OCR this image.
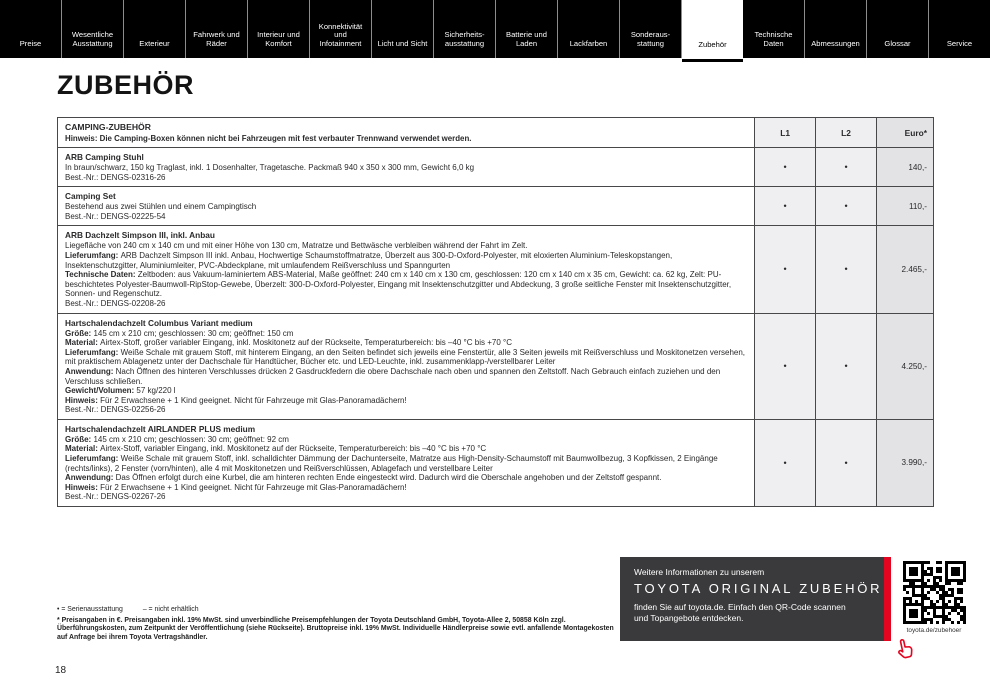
Preise
Wesentliche Ausstattung	Exterieur
Fahrwerk und Räder
Interieur und Komfort
Konnektivität und Infotainment	Licht und Sicht
Sicherheits-ausstattung
Batterie und Laden	Lackfarben
Sonderaus-stattung	Zubehör
Technische Daten	Abmessungen	Glossar	Service
ZUBEHÖR
CAMPING-ZUBEHÖR
Hinweis: Die Camping-Boxen können nicht bei Fahrzeugen mit fest verbauter Trennwand verwendet werden.	L1	L2	Euro*

ARB Camping Stuhl
In braun/schwarz, 150 kg Traglast, inkl. 1 Dosenhalter, Tragetasche. Packmaß 940 x 350 x 300 mm, Gewicht 6,0 kg
Best.-Nr.: DENGS-02316-26	•	•	140,-

Camping Set
Bestehend aus zwei Stühlen und einem Campingtisch
Best.-Nr.: DENGS-02225-54	•	•	110,-

ARB Dachzelt Simpson III, inkl. Anbau
Liegefläche von 240 cm x 140 cm und mit einer Höhe von 130 cm, Matratze und Bettwäsche verbleiben während der Fahrt im Zelt.
Lieferumfang: ARB Dachzelt Simpson III inkl. Anbau, Hochwertige Schaumstoffmatratze, Überzelt aus 300-D-Oxford-Polyester, mit eloxierten Aluminium-Teleskopstangen, Insektenschutzgitter, Aluminiumleiter, PVC-Abdeckplane, mit umlaufendem Reißverschluss und Spanngurten
Technische Daten: Zeltboden: aus Vakuum-laminiertem ABS-Material, Maße geöffnet: 240 cm x 140 cm x 130 cm, geschlossen: 120 cm x 140 cm x 35 cm, Gewicht: ca. 62 kg, Zelt: PU-beschichtetes Polyester-Baumwoll-RipStop-Gewebe, Überzelt: 300-D-Oxford-Polyester, Eingang mit Insektenschutzgitter und Abdeckung, 3 große seitliche Fenster mit Insektenschutzgitter, Sonnen- und Regenschutz.
Best.-Nr.: DENGS-02208-26	•	•	2.465,-

Hartschalendachzelt Columbus Variant medium
Größe: 145 cm x 210 cm; geschlossen: 30 cm; geöffnet: 150 cm
Material: Airtex-Stoff, großer variabler Eingang, inkl. Moskitonetz auf der Rückseite, Temperaturbereich: bis –40 °C bis +70 °C
Lieferumfang: Weiße Schale mit grauem Stoff, mit hinterem Eingang, an den Seiten befindet sich jeweils eine Fenstertür, alle 3 Seiten jeweils mit Reißverschluss und Moskitonetzen versehen, mit praktischem Ablagenetz unter der Dachschale für Handtücher, Bücher etc. und LED-Leuchte, inkl. zusammenklapp-/verstellbarer Leiter
Anwendung: Nach Öffnen des hinteren Verschlusses drücken 2 Gasdruckfedern die obere Dachschale nach oben und spannen den Zeltstoff. Nach Gebrauch einfach zuziehen und den Verschluss schließen.
Gewicht/Volumen: 57 kg/220 l
Hinweis: Für 2 Erwachsene + 1 Kind geeignet. Nicht für Fahrzeuge mit Glas-Panoramadächern!
Best.-Nr.: DENGS-02256-26
	•	•	4.250,-

Hartschalendachzelt AIRLANDER PLUS medium
Größe: 145 cm x 210 cm; geschlossen: 30 cm; geöffnet: 92 cm
Material: Airtex-Stoff, variabler Eingang, inkl. Moskitonetz auf der Rückseite, Temperaturbereich: bis –40 °C bis +70 °C
Lieferumfang: Weiße Schale mit grauem Stoff, inkl. schalldichter Dämmung der Dachunterseite, Matratze aus High-Density-Schaumstoff mit Baumwollbezug, 3 Kopfkissen, 2 Eingänge (rechts/links), 2 Fenster (vorn/hinten), alle 4 mit Moskitonetzen und Reißverschlüssen, Ablagefach und verstellbare Leiter
Anwendung: Das Öffnen erfolgt durch eine Kurbel, die am hinteren rechten Ende eingesteckt wird. Dadurch wird die Oberschale angehoben und der Zeltstoff gespannt.
Hinweis: Für 2 Erwachsene + 1 Kind geeignet. Nicht für Fahrzeuge mit Glas-Panoramadächern!
Best.-Nr.: DENGS-02267-26
	•	•	3.990,-
• = Serienausstattung	– = nicht erhältlich

* Preisangaben in €. Preisangaben inkl. 19% MwSt. sind unverbindliche Preisempfehlungen der Toyota Deutschland GmbH, Toyota-Allee 2, 50858 Köln zzgl. Überführungskosten, zum Zeitpunkt der Veröffentlichung (siehe Rückseite). Bruttopreise inkl. 19% MwSt. Individuelle Händlerpreise sowie evtl. anfallende Montagekosten auf Anfrage bei ihrem Toyota Vertragshändler.

18
Weitere Informationen zu unserem
TOYOTA ORIGINAL ZUBEHÖR
finden Sie auf toyota.de. Einfach den QR-Code scannen und Topangebote entdecken.
toyota.de/zubehoer
